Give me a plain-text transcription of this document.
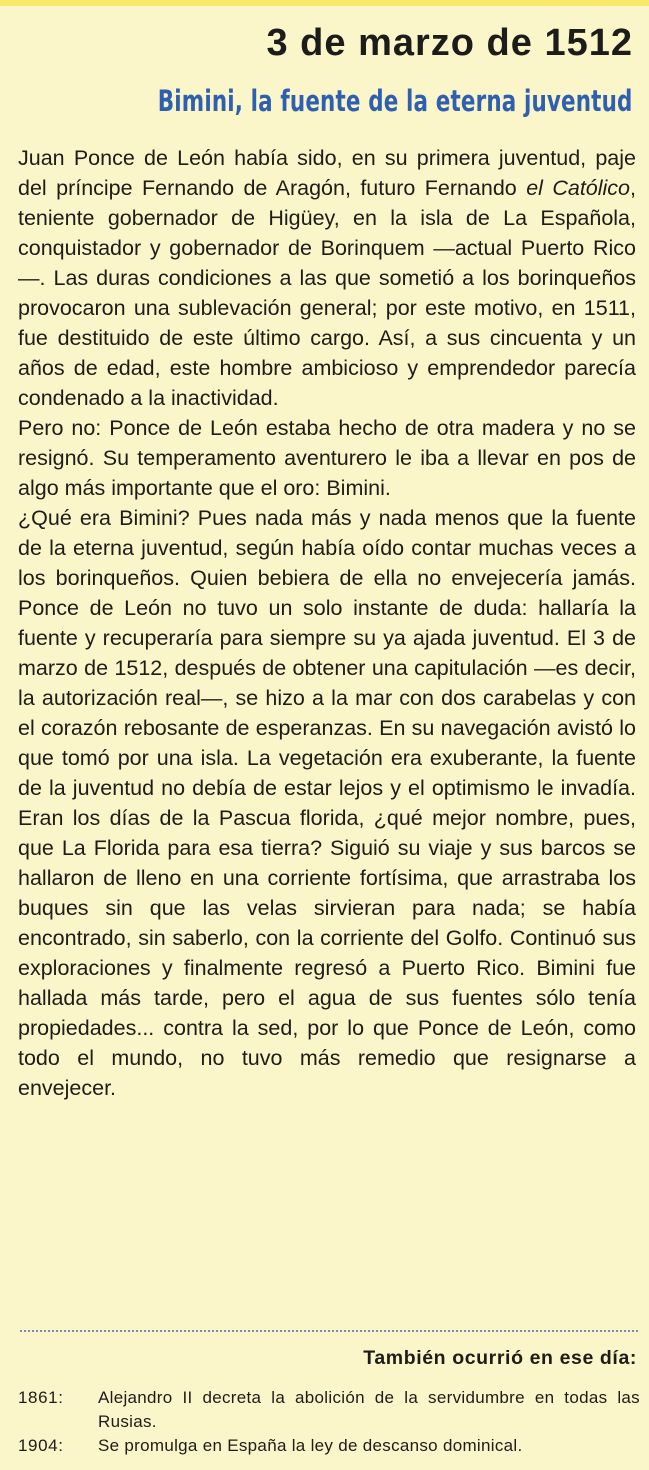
3 de marzo de 1512
Bimini, la fuente de la eterna juventud

Juan Ponce de León había sido, en su primera juventud, paje del príncipe Fernando de Aragón, futuro Fernando el Católico, teniente gobernador de Higüey, en la isla de La Española, conquistador y gobernador de Borinquem —actual Puerto Rico—. Las duras condiciones a las que sometió a los borinqueños provocaron una sublevación general; por este motivo, en 1511, fue destituido de este último cargo. Así, a sus cincuenta y un años de edad, este hombre ambicioso y emprendedor parecía condenado a la inactividad.

Pero no: Ponce de León estaba hecho de otra madera y no se resignó. Su temperamento aventurero le iba a llevar en pos de algo más importante que el oro: Bimini.

¿Qué era Bimini? Pues nada más y nada menos que la fuente de la eterna juventud, según había oído contar muchas veces a los borinqueños. Quien bebiera de ella no envejecería jamás. Ponce de León no tuvo un solo instante de duda: hallaría la fuente y recuperaría para siempre su ya ajada juventud. El 3 de marzo de 1512, después de obtener una capitulación —es decir, la autorización real—, se hizo a la mar con dos carabelas y con el corazón rebosante de esperanzas. En su navegación avistó lo que tomó por una isla. La vegetación era exuberante, la fuente de la juventud no debía de estar lejos y el optimismo le invadía. Eran los días de la Pascua florida, ¿qué mejor nombre, pues, que La Florida para esa tierra? Siguió su viaje y sus barcos se hallaron de lleno en una corriente fortísima, que arrastraba los buques sin que las velas sirvieran para nada; se había encontrado, sin saberlo, con la corriente del Golfo. Continuó sus exploraciones y finalmente regresó a Puerto Rico. Bimini fue hallada más tarde, pero el agua de sus fuentes sólo tenía propiedades... contra la sed, por lo que Ponce de León, como todo el mundo, no tuvo más remedio que resignarse a envejecer.

También ocurrió en ese día:
1861:	Alejandro II decreta la abolición de la servidumbre en todas las Rusias.
1904:	Se promulga en España la ley de descanso dominical.
